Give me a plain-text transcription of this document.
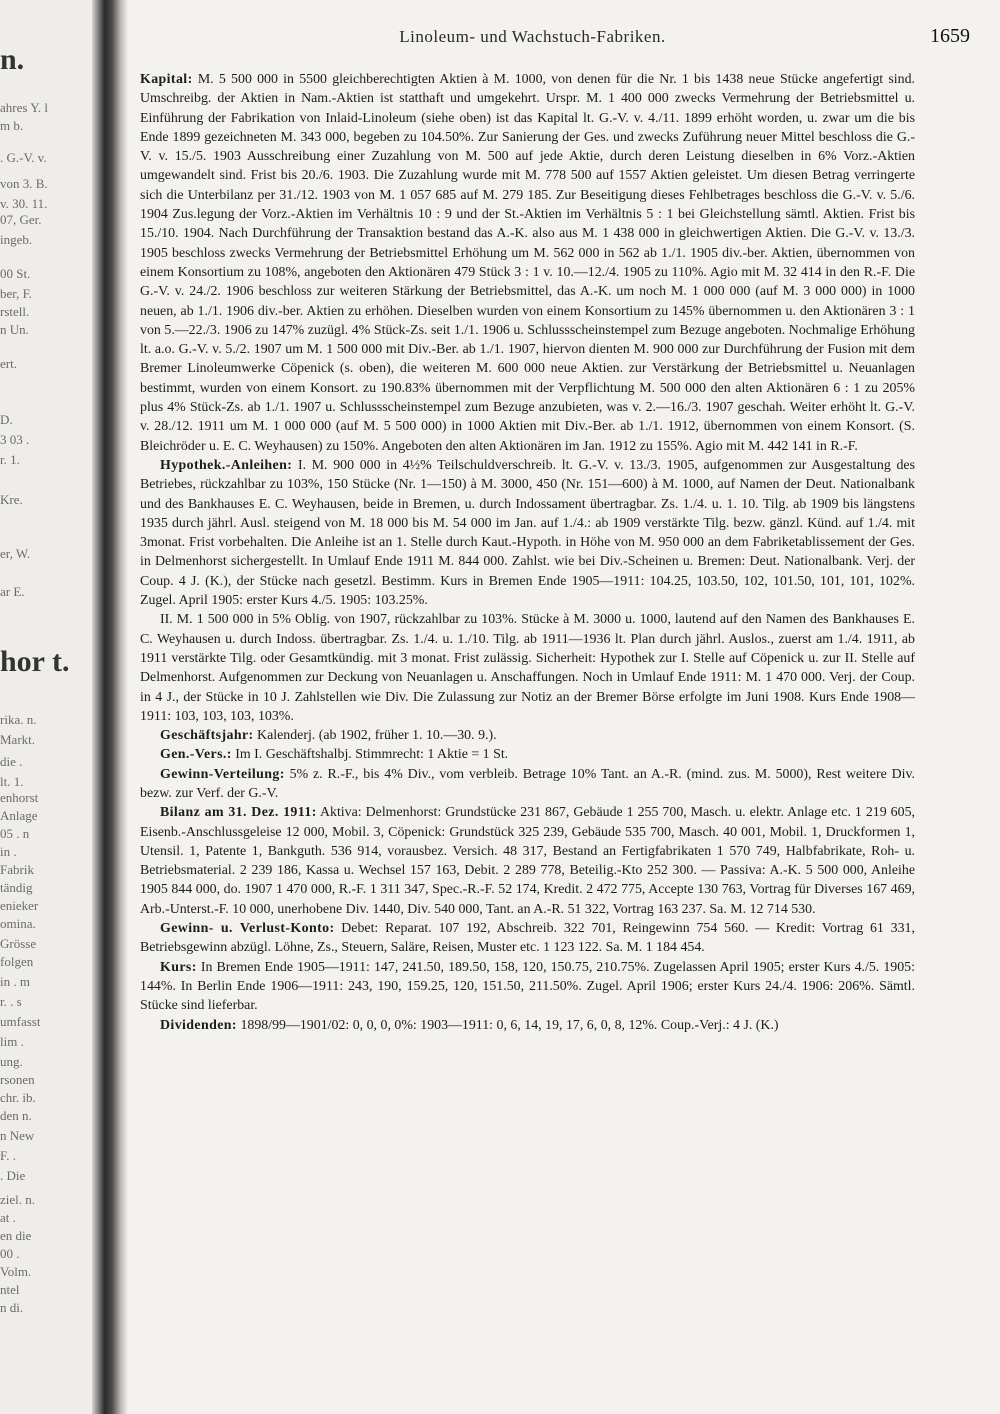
n.
ahres Y. l
m b.
. G.-V. v.
von 3. B.
v. 30. 11.
07, Ger.
ingeb.
00 St.
ber, F.
rstell.
n Un.
ert.
D.
3 03 .
r. 1.
Kre.
er, W.
ar E.
hor t.
rika. n.
Markt.
die .
lt. 1.
enhorst
Anlage
05 . n
in .
Fabrik
tändig
enieker
omina.
Grösse
folgen
in . m
r. . s
umfasst
lim .
ung.
rsonen
chr. ib.
den n.
n New
F. .
. Die
ziel. n.
at .
en die
00 .
Volm.
ntel
n di.
Linoleum- und Wachstuch-Fabriken.	1659

Kapital: M. 5 500 000 in 5500 gleichberechtigten Aktien à M. 1000, von denen für die Nr. 1 bis 1438 neue Stücke angefertigt sind. Umschreibg. der Aktien in Nam.-Aktien ist statthaft und umgekehrt. Urspr. M. 1 400 000 zwecks Vermehrung der Betriebsmittel u. Einführung der Fabrikation von Inlaid-Linoleum (siehe oben) ist das Kapital lt. G.-V. v. 4./11. 1899 erhöht worden, u. zwar um die bis Ende 1899 gezeichneten M. 343 000, begeben zu 104.50%. Zur Sanierung der Ges. und zwecks Zuführung neuer Mittel beschloss die G.-V. v. 15./5. 1903 Ausschreibung einer Zuzahlung von M. 500 auf jede Aktie, durch deren Leistung dieselben in 6% Vorz.-Aktien umgewandelt sind. Frist bis 20./6. 1903. Die Zuzahlung wurde mit M. 778 500 auf 1557 Aktien geleistet. Um diesen Betrag verringerte sich die Unterbilanz per 31./12. 1903 von M. 1 057 685 auf M. 279 185. Zur Beseitigung dieses Fehlbetrages beschloss die G.-V. v. 5./6. 1904 Zus.legung der Vorz.-Aktien im Verhältnis 10 : 9 und der St.-Aktien im Verhältnis 5 : 1 bei Gleichstellung sämtl. Aktien. Frist bis 15./10. 1904. Nach Durchführung der Transaktion bestand das A.-K. also aus M. 1 438 000 in gleichwertigen Aktien. Die G.-V. v. 13./3. 1905 beschloss zwecks Vermehrung der Betriebsmittel Erhöhung um M. 562 000 in 562 ab 1./1. 1905 div.-ber. Aktien, übernommen von einem Konsortium zu 108%, angeboten den Aktionären 479 Stück 3 : 1 v. 10.—12./4. 1905 zu 110%. Agio mit M. 32 414 in den R.-F. Die G.-V. v. 24./2. 1906 beschloss zur weiteren Stärkung der Betriebsmittel, das A.-K. um noch M. 1 000 000 (auf M. 3 000 000) in 1000 neuen, ab 1./1. 1906 div.-ber. Aktien zu erhöhen. Dieselben wurden von einem Konsortium zu 145% übernommen u. den Aktionären 3 : 1 von 5.—22./3. 1906 zu 147% zuzügl. 4% Stück-Zs. seit 1./1. 1906 u. Schlussscheinstempel zum Bezuge angeboten. Nochmalige Erhöhung lt. a.o. G.-V. v. 5./2. 1907 um M. 1 500 000 mit Div.-Ber. ab 1./1. 1907, hiervon dienten M. 900 000 zur Durchführung der Fusion mit dem Bremer Linoleumwerke Cöpenick (s. oben), die weiteren M. 600 000 neue Aktien. zur Verstärkung der Betriebsmittel u. Neuanlagen bestimmt, wurden von einem Konsort. zu 190.83% übernommen mit der Verpflichtung M. 500 000 den alten Aktionären 6 : 1 zu 205% plus 4% Stück-Zs. ab 1./1. 1907 u. Schlussscheinstempel zum Bezuge anzubieten, was v. 2.—16./3. 1907 geschah. Weiter erhöht lt. G.-V. v. 28./12. 1911 um M. 1 000 000 (auf M. 5 500 000) in 1000 Aktien mit Div.-Ber. ab 1./1. 1912, übernommen von einem Konsort. (S. Bleichröder u. E. C. Weyhausen) zu 150%. Angeboten den alten Aktionären im Jan. 1912 zu 155%. Agio mit M. 442 141 in R.-F.

Hypothek.-Anleihen: I. M. 900 000 in 4½% Teilschuldverschreib. lt. G.-V. v. 13./3. 1905, aufgenommen zur Ausgestaltung des Betriebes, rückzahlbar zu 103%, 150 Stücke (Nr. 1—150) à M. 3000, 450 (Nr. 151—600) à M. 1000, auf Namen der Deut. Nationalbank und des Bankhauses E. C. Weyhausen, beide in Bremen, u. durch Indossament übertragbar. Zs. 1./4. u. 1. 10. Tilg. ab 1909 bis längstens 1935 durch jährl. Ausl. steigend von M. 18 000 bis M. 54 000 im Jan. auf 1./4.: ab 1909 verstärkte Tilg. bezw. gänzl. Künd. auf 1./4. mit 3monat. Frist vorbehalten. Die Anleihe ist an 1. Stelle durch Kaut.-Hypoth. in Höhe von M. 950 000 an dem Fabriketablissement der Ges. in Delmenhorst sichergestellt. In Umlauf Ende 1911 M. 844 000. Zahlst. wie bei Div.-Scheinen u. Bremen: Deut. Nationalbank. Verj. der Coup. 4 J. (K.), der Stücke nach gesetzl. Bestimm. Kurs in Bremen Ende 1905—1911: 104.25, 103.50, 102, 101.50, 101, 101, 102%. Zugel. April 1905: erster Kurs 4./5. 1905: 103.25%.

II. M. 1 500 000 in 5% Oblig. von 1907, rückzahlbar zu 103%. Stücke à M. 3000 u. 1000, lautend auf den Namen des Bankhauses E. C. Weyhausen u. durch Indoss. übertragbar. Zs. 1./4. u. 1./10. Tilg. ab 1911—1936 lt. Plan durch jährl. Auslos., zuerst am 1./4. 1911, ab 1911 verstärkte Tilg. oder Gesamtkündig. mit 3 monat. Frist zulässig. Sicherheit: Hypothek zur I. Stelle auf Cöpenick u. zur II. Stelle auf Delmenhorst. Aufgenommen zur Deckung von Neuanlagen u. Anschaffungen. Noch in Umlauf Ende 1911: M. 1 470 000. Verj. der Coup. in 4 J., der Stücke in 10 J. Zahlstellen wie Div. Die Zulassung zur Notiz an der Bremer Börse erfolgte im Juni 1908. Kurs Ende 1908—1911: 103, 103, 103, 103%.

Geschäftsjahr: Kalenderj. (ab 1902, früher 1. 10.—30. 9.).

Gen.-Vers.: Im I. Geschäftshalbj. Stimmrecht: 1 Aktie = 1 St.

Gewinn-Verteilung: 5% z. R.-F., bis 4% Div., vom verbleib. Betrage 10% Tant. an A.-R. (mind. zus. M. 5000), Rest weitere Div. bezw. zur Verf. der G.-V.

Bilanz am 31. Dez. 1911: Aktiva: Delmenhorst: Grundstücke 231 867, Gebäude 1 255 700, Masch. u. elektr. Anlage etc. 1 219 605, Eisenb.-Anschlussgeleise 12 000, Mobil. 3, Cöpenick: Grundstück 325 239, Gebäude 535 700, Masch. 40 001, Mobil. 1, Druckformen 1, Utensil. 1, Patente 1, Bankguth. 536 914, vorausbez. Versich. 48 317, Bestand an Fertigfabrikaten 1 570 749, Halbfabrikate, Roh- u. Betriebsmaterial. 2 239 186, Kassa u. Wechsel 157 163, Debit. 2 289 778, Beteilig.-Kto 252 300. — Passiva: A.-K. 5 500 000, Anleihe 1905 844 000, do. 1907 1 470 000, R.-F. 1 311 347, Spec.-R.-F. 52 174, Kredit. 2 472 775, Accepte 130 763, Vortrag für Diverses 167 469, Arb.-Unterst.-F. 10 000, unerhobene Div. 1440, Div. 540 000, Tant. an A.-R. 51 322, Vortrag 163 237. Sa. M. 12 714 530.

Gewinn- u. Verlust-Konto: Debet: Reparat. 107 192, Abschreib. 322 701, Reingewinn 754 560. — Kredit: Vortrag 61 331, Betriebsgewinn abzügl. Löhne, Zs., Steuern, Saläre, Reisen, Muster etc. 1 123 122. Sa. M. 1 184 454.

Kurs: In Bremen Ende 1905—1911: 147, 241.50, 189.50, 158, 120, 150.75, 210.75%. Zugelassen April 1905; erster Kurs 4./5. 1905: 144%. In Berlin Ende 1906—1911: 243, 190, 159.25, 120, 151.50, 211.50%. Zugel. April 1906; erster Kurs 24./4. 1906: 206%. Sämtl. Stücke sind lieferbar.

Dividenden: 1898/99—1901/02: 0, 0, 0, 0%: 1903—1911: 0, 6, 14, 19, 17, 6, 0, 8, 12%. Coup.-Verj.: 4 J. (K.)
